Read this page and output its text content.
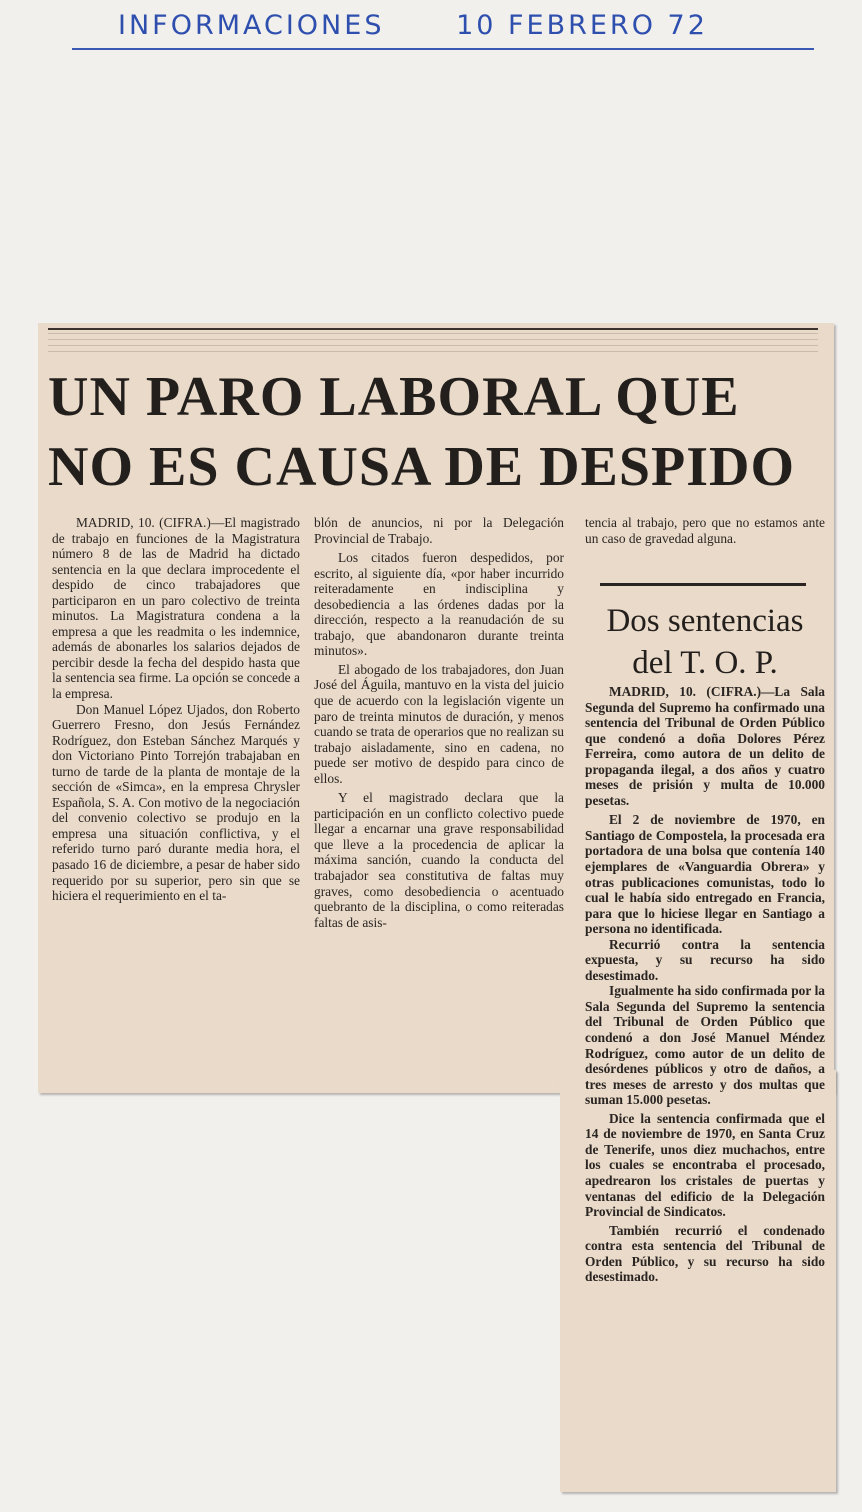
INFORMACIONES	10 FEBRERO 72
UN PARO LABORAL QUE
NO ES CAUSA DE DESPIDO

MADRID, 10. (CIFRA.)—El magistrado de trabajo en funciones de la Magistratura número 8 de las de Madrid ha dictado sentencia en la que declara improcedente el despido de cinco trabajadores que participaron en un paro colectivo de treinta minutos. La Magistratura condena a la empresa a que les readmita o les indemnice, además de abonarles los salarios dejados de percibir desde la fecha del despido hasta que la sentencia sea firme. La opción se concede a la empresa.

Don Manuel López Ujados, don Roberto Guerrero Fresno, don Jesús Fernández Rodríguez, don Esteban Sánchez Marqués y don Victoriano Pinto Torrejón trabajaban en turno de tarde de la planta de montaje de la sección de «Simca», en la empresa Chrysler Española, S. A. Con motivo de la negociación del convenio colectivo se produjo en la empresa una situación conflictiva, y el referido turno paró durante media hora, el pasado 16 de diciembre, a pesar de haber sido requerido por su superior, pero sin que se hiciera el requerimiento en el ta-

blón de anuncios, ni por la Delegación Provincial de Trabajo.

Los citados fueron despedidos, por escrito, al siguiente día, «por haber incurrido reiteradamente en indisciplina y desobediencia a las órdenes dadas por la dirección, respecto a la reanudación de su trabajo, que abandonaron durante treinta minutos».

El abogado de los trabajadores, don Juan José del Águila, mantuvo en la vista del juicio que de acuerdo con la legislación vigente un paro de treinta minutos de duración, y menos cuando se trata de operarios que no realizan su trabajo aisladamente, sino en cadena, no puede ser motivo de despido para cinco de ellos.

Y el magistrado declara que la participación en un conflicto colectivo puede llegar a encarnar una grave responsabilidad que lleve a la procedencia de aplicar la máxima sanción, cuando la conducta del trabajador sea constitutiva de faltas muy graves, como desobediencia o acentuado quebranto de la disciplina, o como reiteradas faltas de asis-

tencia al trabajo, pero que no estamos ante un caso de gravedad alguna.

Dos sentencias
del T. O. P.

MADRID, 10. (CIFRA.)—La Sala Segunda del Supremo ha confirmado una sentencia del Tribunal de Orden Público que condenó a doña Dolores Pérez Ferreira, como autora de un delito de propaganda ilegal, a dos años y cuatro meses de prisión y multa de 10.000 pesetas.

El 2 de noviembre de 1970, en Santiago de Compostela, la procesada era portadora de una bolsa que contenía 140 ejemplares de «Vanguardia Obrera» y otras publicaciones comunistas, todo lo cual le había sido entregado en Francia, para que lo hiciese llegar en Santiago a persona no identificada.

Recurrió contra la sentencia expuesta, y su recurso ha sido desestimado.

Igualmente ha sido confirmada por la Sala Segunda del Supremo la sentencia del Tribunal de Orden Público que condenó a don José Manuel Méndez Rodríguez, como autor de un delito de desórdenes públicos y otro de daños, a tres meses de arresto y dos multas que suman 15.000 pesetas.

Dice la sentencia confirmada que el 14 de noviembre de 1970, en Santa Cruz de Tenerife, unos diez muchachos, entre los cuales se encontraba el procesado, apedrearon los cristales de puertas y ventanas del edificio de la Delegación Provincial de Sindicatos.

También recurrió el condenado contra esta sentencia del Tribunal de Orden Público, y su recurso ha sido desestimado.
